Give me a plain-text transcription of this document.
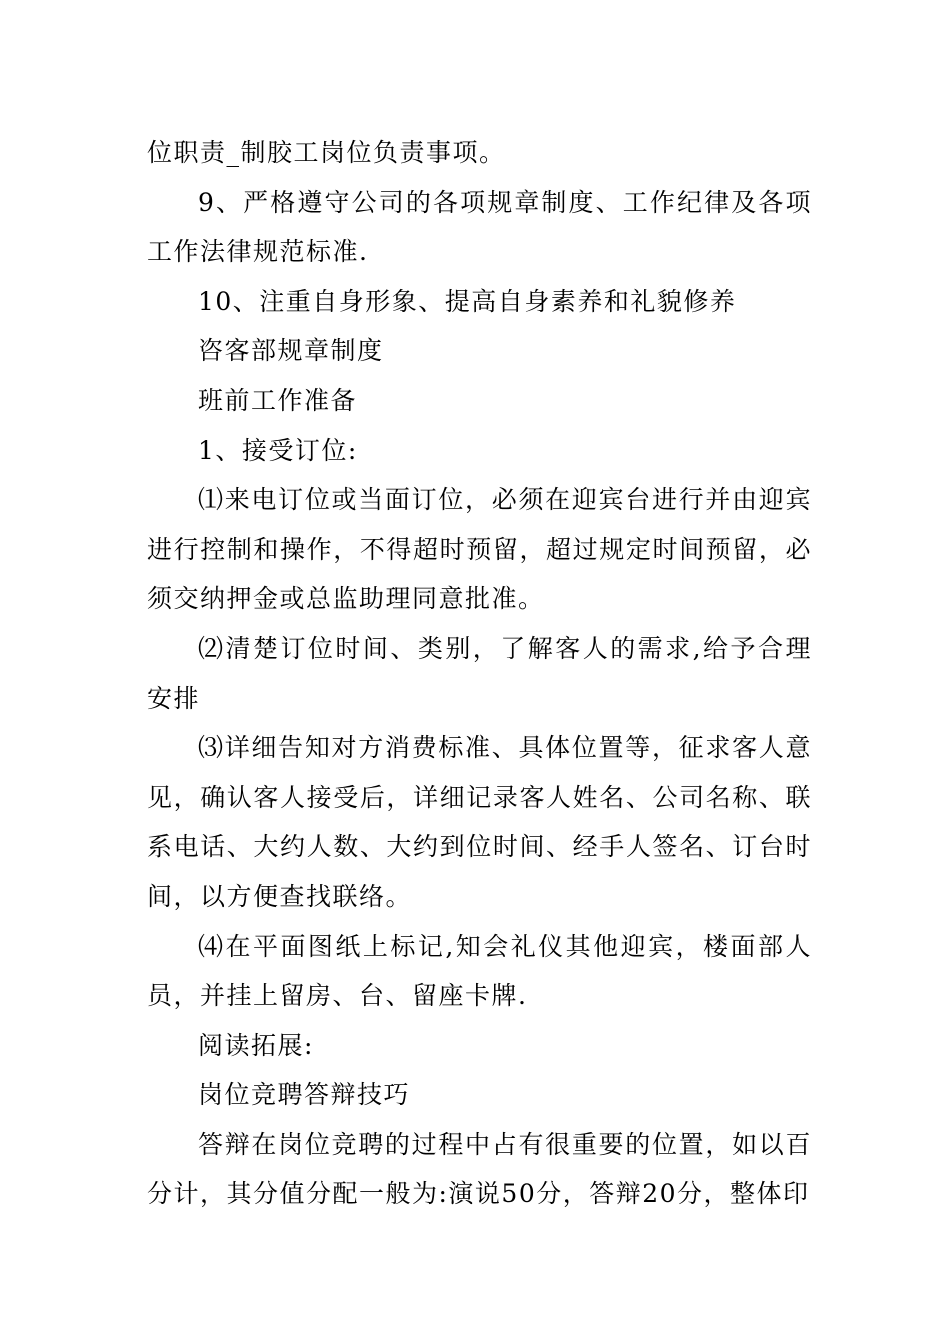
位职责_制胶工岗位负责事项。

9、严格遵守公司的各项规章制度、工作纪律及各项工作法律规范标准.

10、注重自身形象、提高自身素养和礼貌修养

咨客部规章制度

班前工作准备

1、接受订位:

⑴来电订位或当面订位，必须在迎宾台进行并由迎宾进行控制和操作，不得超时预留，超过规定时间预留，必须交纳押金或总监助理同意批准。

⑵清楚订位时间、类别，了解客人的需求,给予合理安排

⑶详细告知对方消费标准、具体位置等，征求客人意见，确认客人接受后，详细记录客人姓名、公司名称、联系电话、大约人数、大约到位时间、经手人签名、订台时间，以方便查找联络。

⑷在平面图纸上标记,知会礼仪其他迎宾，楼面部人员，并挂上留房、台、留座卡牌.

阅读拓展:

岗位竞聘答辩技巧

答辩在岗位竞聘的过程中占有很重要的位置，如以百分计，其分值分配一般为:演说50分，答辩20分，整体印
